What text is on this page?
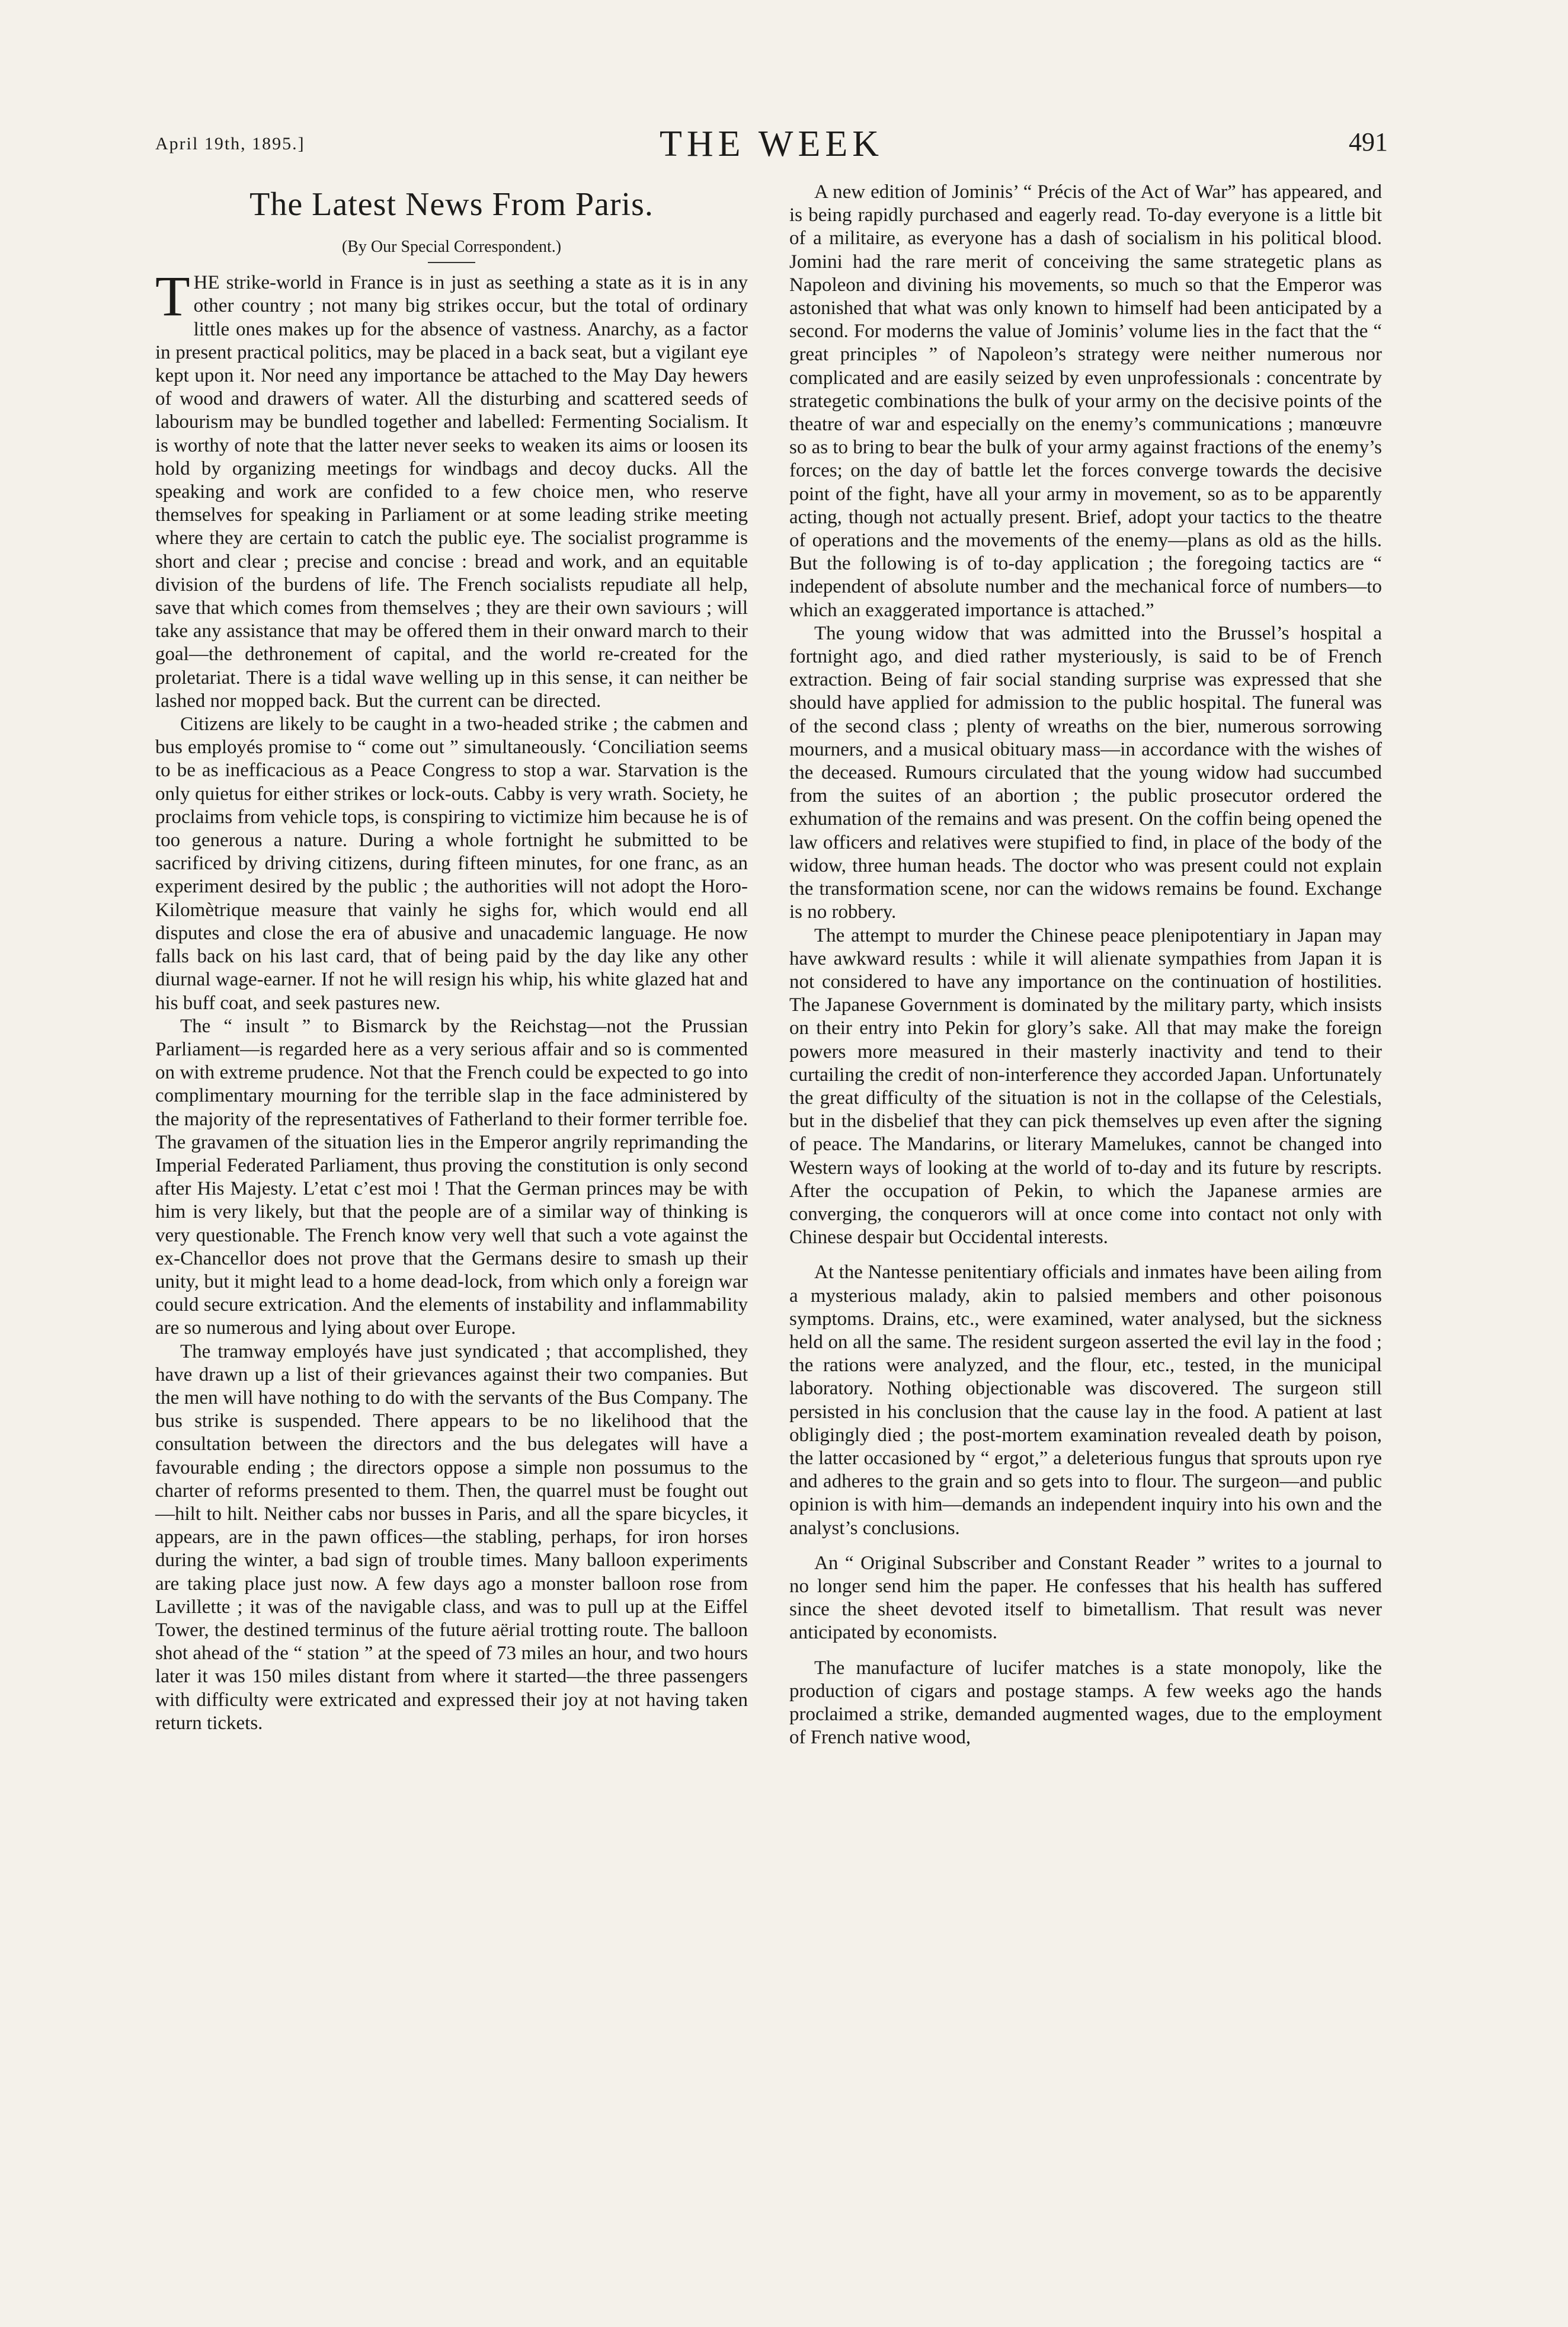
April 19th, 1895.]	THE WEEK	491
The Latest News From Paris.
(By Our Special Correspondent.)

THE strike-world in France is in just as seething a state as it is in any other country ; not many big strikes occur, but the total of ordinary little ones makes up for the absence of vastness. Anarchy, as a factor in present practical politics, may be placed in a back seat, but a vigilant eye kept upon it. Nor need any importance be attached to the May Day hewers of wood and drawers of water. All the disturbing and scattered seeds of labourism may be bundled together and labelled: Fermenting Socialism. It is worthy of note that the latter never seeks to weaken its aims or loosen its hold by organizing meetings for windbags and decoy ducks. All the speaking and work are confided to a few choice men, who reserve themselves for speaking in Parliament or at some leading strike meeting where they are certain to catch the public eye. The socialist programme is short and clear ; precise and concise : bread and work, and an equitable division of the burdens of life. The French socialists repudiate all help, save that which comes from themselves ; they are their own saviours ; will take any assistance that may be offered them in their onward march to their goal—the dethronement of capital, and the world re-created for the proletariat. There is a tidal wave welling up in this sense, it can neither be lashed nor mopped back. But the current can be directed.

Citizens are likely to be caught in a two-headed strike ; the cabmen and bus employés promise to “ come out ” simultaneously. ‘Conciliation seems to be as inefficacious as a Peace Congress to stop a war. Starvation is the only quietus for either strikes or lock-outs. Cabby is very wrath. Society, he proclaims from vehicle tops, is conspiring to victimize him because he is of too generous a nature. During a whole fortnight he submitted to be sacrificed by driving citizens, during fifteen minutes, for one franc, as an experiment desired by the public ; the authorities will not adopt the Horo-Kilomètrique measure that vainly he sighs for, which would end all disputes and close the era of abusive and unacademic language. He now falls back on his last card, that of being paid by the day like any other diurnal wage-earner. If not he will resign his whip, his white glazed hat and his buff coat, and seek pastures new.

The “ insult ” to Bismarck by the Reichstag—not the Prussian Parliament—is regarded here as a very serious affair and so is commented on with extreme prudence. Not that the French could be expected to go into complimentary mourning for the terrible slap in the face administered by the majority of the representatives of Fatherland to their former terrible foe. The gravamen of the situation lies in the Emperor angrily reprimanding the Imperial Federated Parliament, thus proving the constitution is only second after His Majesty. L’etat c’est moi ! That the German princes may be with him is very likely, but that the people are of a similar way of thinking is very questionable. The French know very well that such a vote against the ex-Chancellor does not prove that the Germans desire to smash up their unity, but it might lead to a home dead-lock, from which only a foreign war could secure extrication. And the elements of instability and inflammability are so numerous and lying about over Europe.

The tramway employés have just syndicated ; that accomplished, they have drawn up a list of their grievances against their two companies. But the men will have nothing to do with the servants of the Bus Company. The bus strike is suspended. There appears to be no likelihood that the consultation between the directors and the bus delegates will have a favourable ending ; the directors oppose a simple non possumus to the charter of reforms presented to them. Then, the quarrel must be fought out—hilt to hilt. Neither cabs nor busses in Paris, and all the spare bicycles, it appears, are in the pawn offices—the stabling, perhaps, for iron horses during the winter, a bad sign of trouble times. Many balloon experiments are taking place just now. A few days ago a monster balloon rose from Lavillette ; it was of the navigable class, and was to pull up at the Eiffel Tower, the destined terminus of the future aërial trotting route. The balloon shot ahead of the “ station ” at the speed of 73 miles an hour, and two hours later it was 150 miles distant from where it started—the three passengers with difficulty were extricated and expressed their joy at not having taken return tickets.

A new edition of Jominis’ “ Précis of the Act of War” has appeared, and is being rapidly purchased and eagerly read. To-day everyone is a little bit of a militaire, as everyone has a dash of socialism in his political blood. Jomini had the rare merit of conceiving the same strategetic plans as Napoleon and divining his movements, so much so that the Emperor was astonished that what was only known to himself had been anticipated by a second. For moderns the value of Jominis’ volume lies in the fact that the “ great principles ” of Napoleon’s strategy were neither numerous nor complicated and are easily seized by even unprofessionals : concentrate by strategetic combinations the bulk of your army on the decisive points of the theatre of war and especially on the enemy’s communications ; manœuvre so as to bring to bear the bulk of your army against fractions of the enemy’s forces; on the day of battle let the forces converge towards the decisive point of the fight, have all your army in movement, so as to be apparently acting, though not actually present. Brief, adopt your tactics to the theatre of operations and the movements of the enemy—plans as old as the hills. But the following is of to-day application ; the foregoing tactics are “ independent of absolute number and the mechanical force of numbers—to which an exaggerated importance is attached.”

The young widow that was admitted into the Brussel’s hospital a fortnight ago, and died rather mysteriously, is said to be of French extraction. Being of fair social standing surprise was expressed that she should have applied for admission to the public hospital. The funeral was of the second class ; plenty of wreaths on the bier, numerous sorrowing mourners, and a musical obituary mass—in accordance with the wishes of the deceased. Rumours circulated that the young widow had succumbed from the suites of an abortion ; the public prosecutor ordered the exhumation of the remains and was present. On the coffin being opened the law officers and relatives were stupified to find, in place of the body of the widow, three human heads. The doctor who was present could not explain the transformation scene, nor can the widows remains be found. Exchange is no robbery.

The attempt to murder the Chinese peace plenipotentiary in Japan may have awkward results : while it will alienate sympathies from Japan it is not considered to have any importance on the continuation of hostilities. The Japanese Government is dominated by the military party, which insists on their entry into Pekin for glory’s sake. All that may make the foreign powers more measured in their masterly inactivity and tend to their curtailing the credit of non-interference they accorded Japan. Unfortunately the great difficulty of the situation is not in the collapse of the Celestials, but in the disbelief that they can pick themselves up even after the signing of peace. The Mandarins, or literary Mamelukes, cannot be changed into Western ways of looking at the world of to-day and its future by rescripts. After the occupation of Pekin, to which the Japanese armies are converging, the conquerors will at once come into contact not only with Chinese despair but Occidental interests.

At the Nantesse penitentiary officials and inmates have been ailing from a mysterious malady, akin to palsied members and other poisonous symptoms. Drains, etc., were examined, water analysed, but the sickness held on all the same. The resident surgeon asserted the evil lay in the food ; the rations were analyzed, and the flour, etc., tested, in the municipal laboratory. Nothing objectionable was discovered. The surgeon still persisted in his conclusion that the cause lay in the food. A patient at last obligingly died ; the post-mortem examination revealed death by poison, the latter occasioned by “ ergot,” a deleterious fungus that sprouts upon rye and adheres to the grain and so gets into to flour. The surgeon—and public opinion is with him—demands an independent inquiry into his own and the analyst’s conclusions.

An “ Original Subscriber and Constant Reader ” writes to a journal to no longer send him the paper. He confesses that his health has suffered since the sheet devoted itself to bimetallism. That result was never anticipated by economists.

The manufacture of lucifer matches is a state monopoly, like the production of cigars and postage stamps. A few weeks ago the hands proclaimed a strike, demanded augmented wages, due to the employment of French native wood,
